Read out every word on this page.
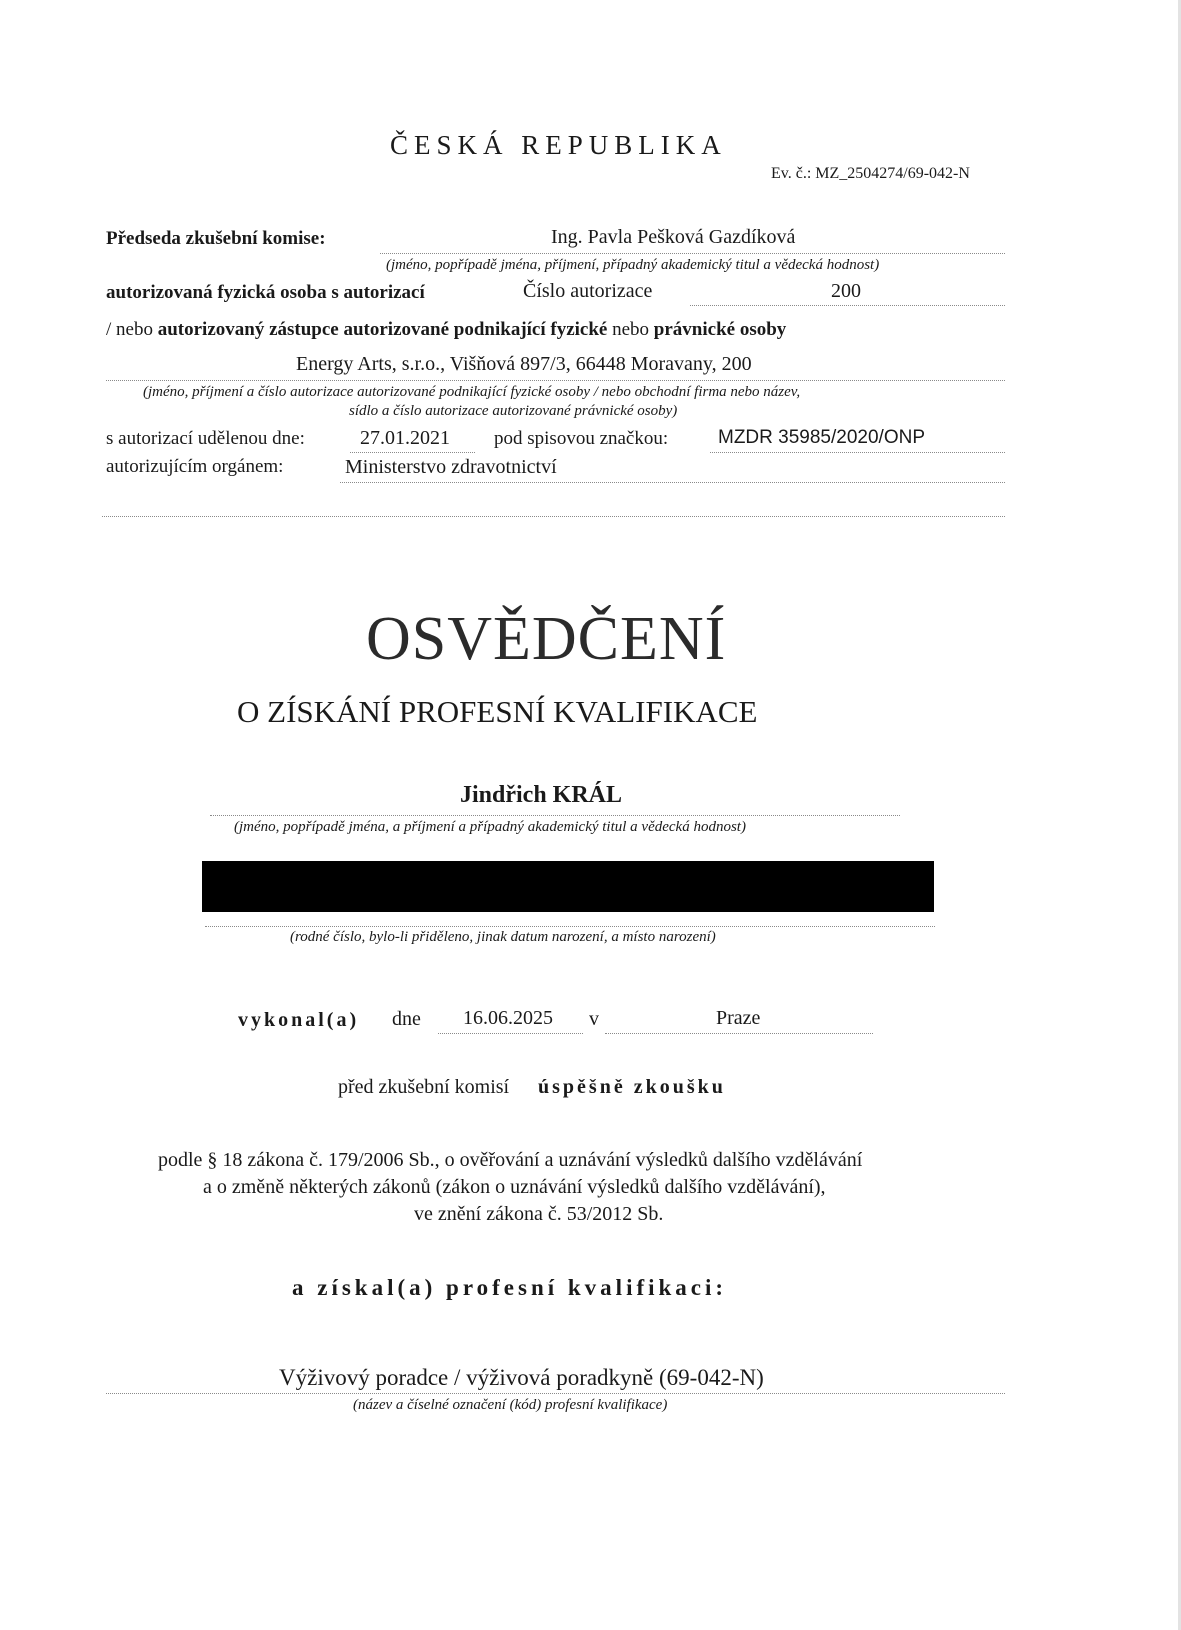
ČESKÁ REPUBLIKA
Ev. č.: MZ_2504274/69-042-N
Předseda zkušební komise:	Ing. Pavla Pešková Gazdíková
(jméno, popřípadě jména, příjmení, případný akademický titul a vědecká hodnost)
autorizovaná fyzická osoba s autorizací	Číslo autorizace	200
/ nebo autorizovaný zástupce autorizované podnikající fyzické nebo právnické osoby
Energy Arts, s.r.o., Višňová 897/3, 66448 Moravany, 200
(jméno, příjmení a číslo autorizace autorizované podnikající fyzické osoby / nebo obchodní firma nebo název,
sídlo a číslo autorizace autorizované právnické osoby)
s autorizací udělenou dne:	27.01.2021 pod spisovou značkou:	MZDR 35985/2020/ONP
autorizujícím orgánem:	Ministerstvo zdravotnictví
OSVĚDČENÍ
O ZÍSKÁNÍ PROFESNÍ KVALIFIKACE
Jindřich KRÁL
(jméno, popřípadě jména, a příjmení a případný akademický titul a vědecká hodnost)
(rodné číslo, bylo-li přiděleno, jinak datum narození, a místo narození)
vykonal(a) dne 16.06.2025 v	Praze
před zkušební komisí úspěšně zkoušku
podle § 18 zákona č. 179/2006 Sb., o ověřování a uznávání výsledků dalšího vzdělávání
a o změně některých zákonů (zákon o uznávání výsledků dalšího vzdělávání),
ve znění zákona č. 53/2012 Sb.
a získal(a) profesní kvalifikaci:
Výživový poradce / výživová poradkyně (69-042-N)
(název a číselné označení (kód) profesní kvalifikace)
